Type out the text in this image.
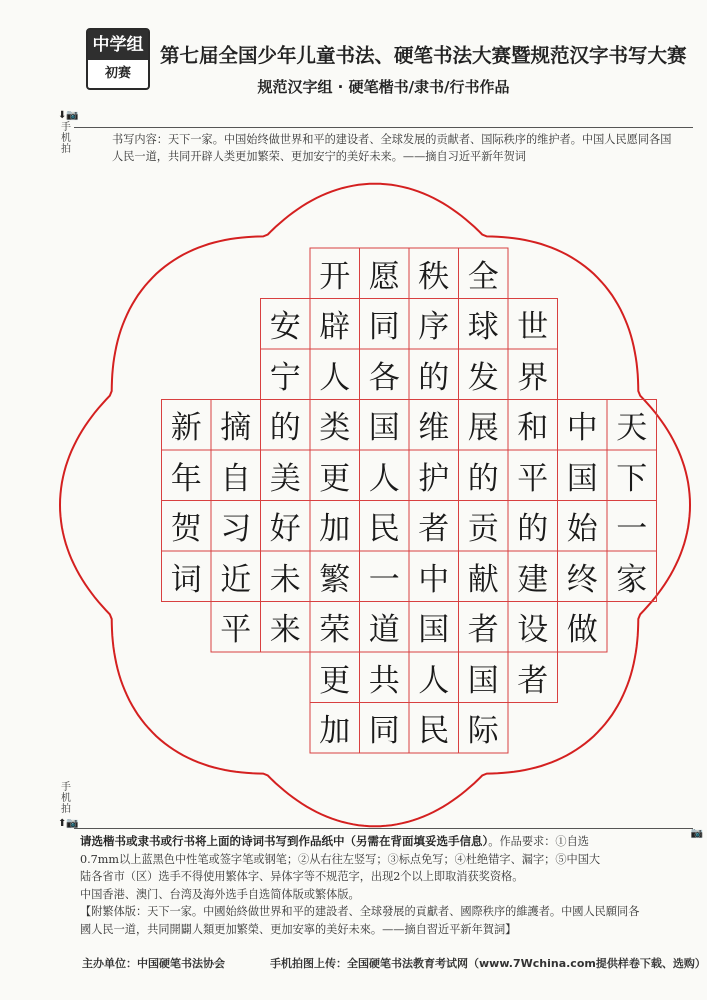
中学组
初赛
第七届全国少年儿童书法、硬笔书法大赛暨规范汉字书写大赛
规范汉字组 · 硬笔楷书/隶书/行书作品
⬇📷
手
机
拍
书写内容：天下一家。中国始终做世界和平的建设者、全球发展的贡献者、国际秩序的维护者。中国人民愿同各国人民一道，共同开辟人类更加繁荣、更加安宁的美好未来。——摘自习近平新年贺词
天
下
一
家
中
国
始
终
做
世
界
和
平
的
建
设
者
全
球
发
展
的
贡
献
者
国
际
秩
序
的
维
护
者
中
国
人
民
愿
同
各
国
人
民
一
道
共
同
开
辟
人
类
更
加
繁
荣
更
加
安
宁
的
美
好
未
来
摘
自
习
近
平
新
年
贺
词
手
机
拍
⬆📷
📷
请选楷书或隶书或行书将上面的诗词书写到作品纸中（另需在背面填妥选手信息）。作品要求：①自选
0.7mm以上蓝黑色中性笔或签字笔或钢笔；②从右往左竖写；③标点免写；④杜绝错字、漏字；⑤中国大
陆各省市（区）选手不得使用繁体字、异体字等不规范字，出现2个以上即取消获奖资格。
中国香港、澳门、台湾及海外选手自选简体版或繁体版。
【附繁体版：天下一家。中國始終做世界和平的建設者、全球發展的貢獻者、國際秩序的維護者。中國人民願同各
國人民一道，共同開闢人類更加繁榮、更加安寧的美好未來。——摘自習近平新年賀詞】
主办单位：中国硬笔书法协会	手机拍图上传：全国硬笔书法教育考试网（www.7Wchina.com提供样卷下载、选购）
